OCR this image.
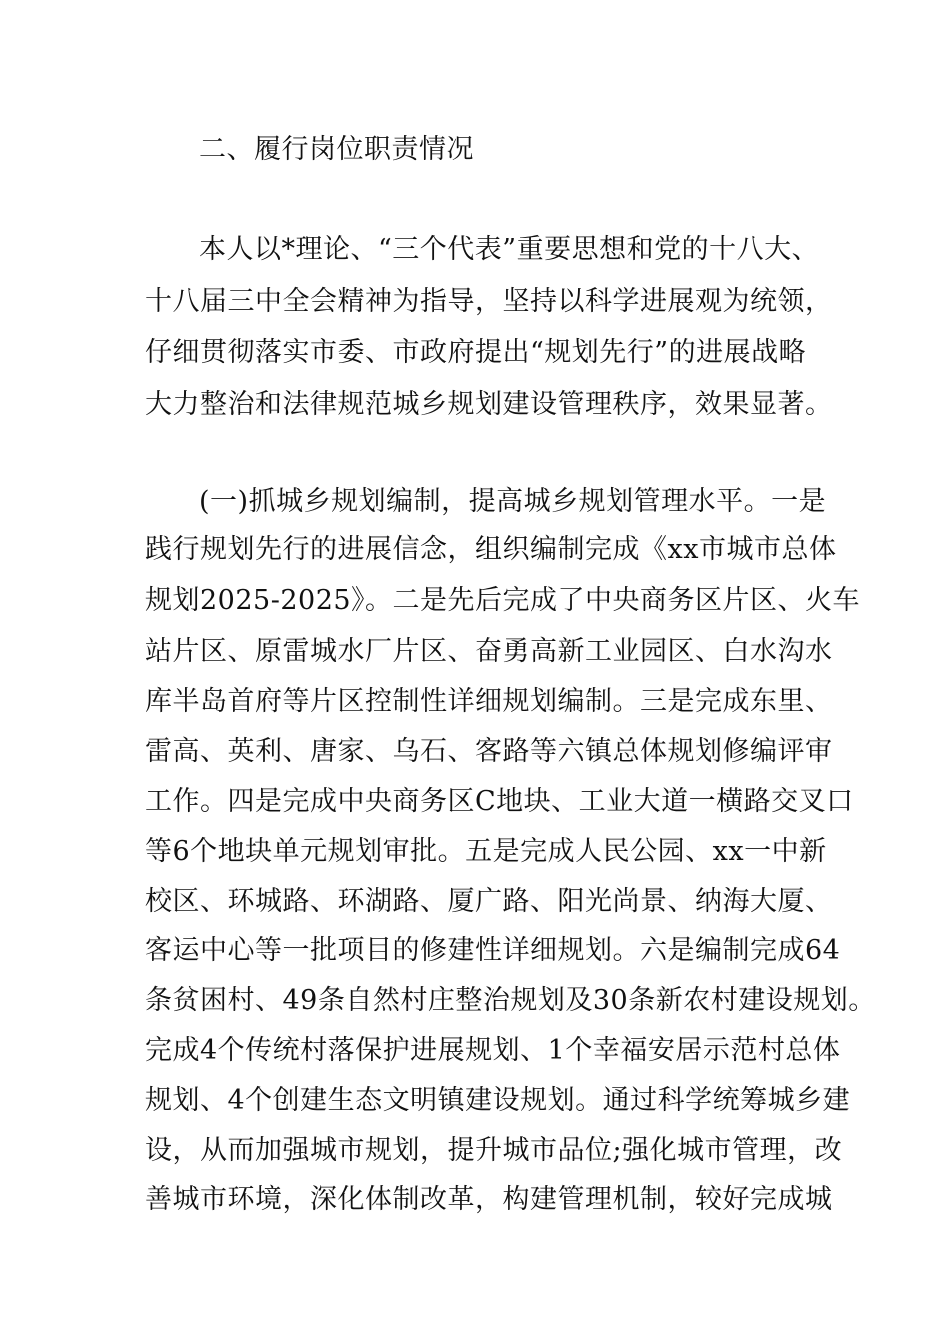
二、履行岗位职责情况
本人以*理论、“三个代表”重要思想和党的十八大、
十八届三中全会精神为指导，坚持以科学进展观为统领，
仔细贯彻落实市委、市政府提出“规划先行”的进展战略
大力整治和法律规范城乡规划建设管理秩序，效果显著。
(一)抓城乡规划编制，提高城乡规划管理水平。一是
践行规划先行的进展信念，组织编制完成《xx市城市总体
规划2025-2025》。二是先后完成了中央商务区片区、火车
站片区、原雷城水厂片区、奋勇高新工业园区、白水沟水
库半岛首府等片区控制性详细规划编制。三是完成东里、
雷高、英利、唐家、乌石、客路等六镇总体规划修编评审
工作。四是完成中央商务区C地块、工业大道一横路交叉口
等6个地块单元规划审批。五是完成人民公园、xx一中新
校区、环城路、环湖路、厦广路、阳光尚景、纳海大厦、
客运中心等一批项目的修建性详细规划。六是编制完成64
条贫困村、49条自然村庄整治规划及30条新农村建设规划。
完成4个传统村落保护进展规划、1个幸福安居示范村总体
规划、4个创建生态文明镇建设规划。通过科学统筹城乡建
设，从而加强城市规划，提升城市品位;强化城市管理，改
善城市环境，深化体制改革，构建管理机制，较好完成城
